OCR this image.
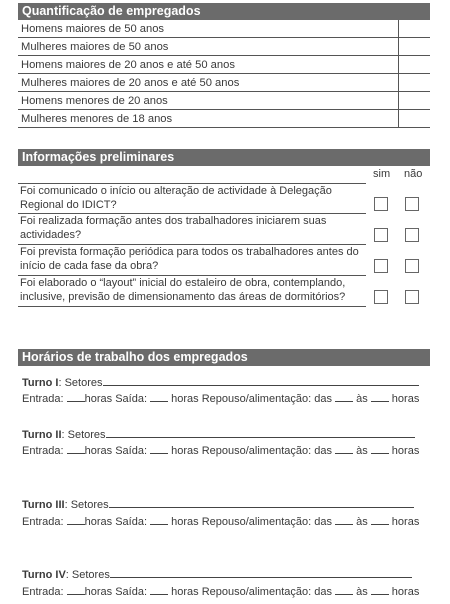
Quantificação de empregados
Homens maiores de 50 anos
Mulheres maiores de 50 anos
Homens maiores de 20 anos e até 50 anos
Mulheres maiores de 20 anos e até 50 anos
Homens menores de 20 anos
Mulheres menores de 18 anos
Informações preliminares
sim não
Foi comunicado o início ou alteração de actividade à Delegação
Regional do IDICT?
Foi realizada formação antes dos trabalhadores iniciarem suas
actividades?
Foi prevista formação periódica para todos os trabalhadores antes do
início de cada fase da obra?
Foi elaborado o “layout” inicial do estaleiro de obra, contemplando,
inclusive, previsão de dimensionamento das áreas de dormitórios?
Horários de trabalho dos empregados
Turno I: Setores
Entrada: horas Saída:  horas Repouso/alimentação: das  às  horas
Turno II: Setores
Entrada: horas Saída:  horas Repouso/alimentação: das  às  horas
Turno III: Setores
Entrada: horas Saída:  horas Repouso/alimentação: das  às  horas
Turno IV: Setores
Entrada: horas Saída:  horas Repouso/alimentação: das  às  horas
